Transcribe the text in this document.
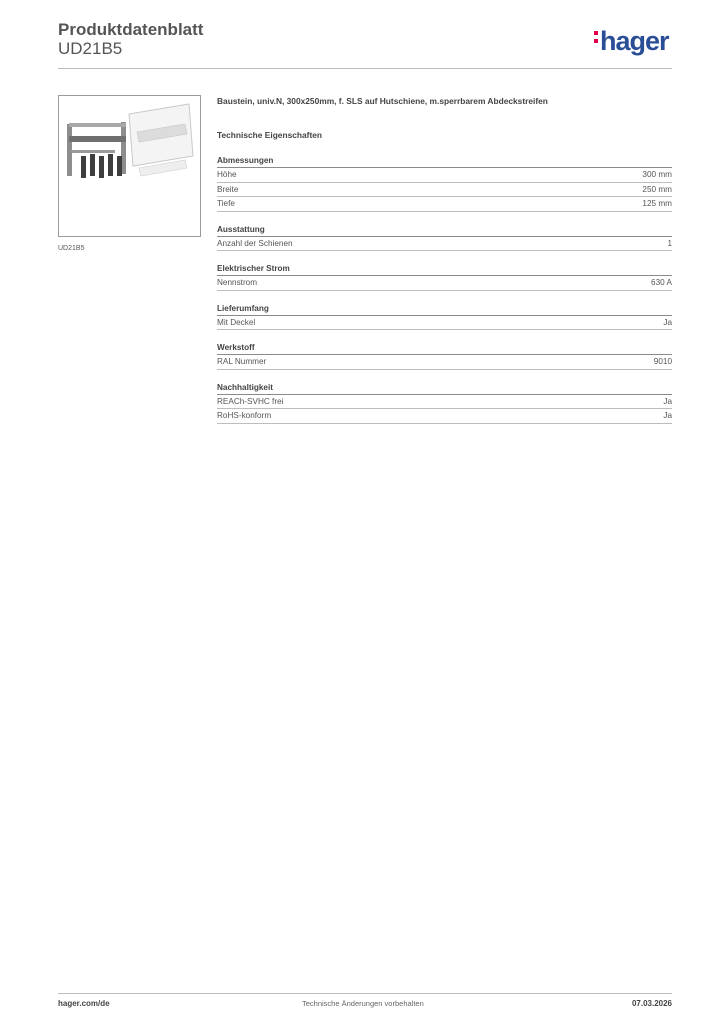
Produktdatenblatt
UD21B5	hager
UD21B5

Baustein, univ.N, 300x250mm, f. SLS auf Hutschiene, m.sperrbarem Abdeckstreifen

Technische Eigenschaften
Abmessungen
Höhe	300 mm
Breite	250 mm
Tiefe	125 mm
Ausstattung
Anzahl der Schienen	1
Elektrischer Strom
Nennstrom	630 A
Lieferumfang
Mit Deckel	Ja
Werkstoff
RAL Nummer	9010
Nachhaltigkeit
REACh-SVHC frei	Ja
RoHS-konform	Ja
hager.com/de	Technische Änderungen vorbehalten	07.03.2026
